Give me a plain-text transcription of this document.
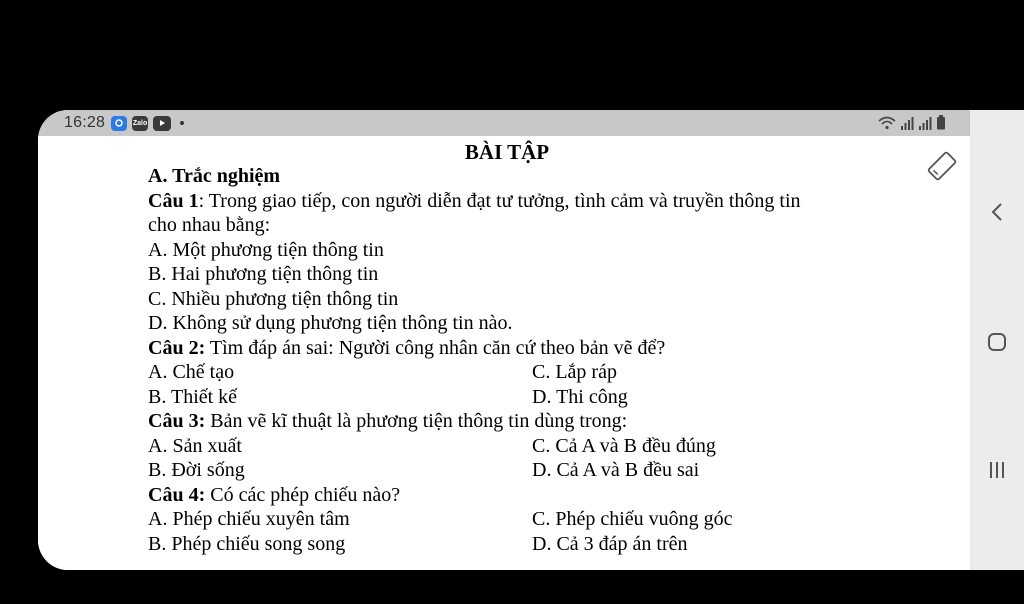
16:28	Zalo
BÀI TẬP
A. Trắc nghiệm
Câu 1: Trong giao tiếp, con người diễn đạt tư tưởng, tình cảm và truyền thông tin
cho nhau bằng:
A. Một phương tiện thông tin
B. Hai phương tiện thông tin
C. Nhiều phương tiện thông tin
D. Không sử dụng phương tiện thông tin nào.
Câu 2: Tìm đáp án sai: Người công nhân căn cứ theo bản vẽ để?
A. Chế tạo	C. Lắp ráp
B. Thiết kế	D. Thi công
Câu 3: Bản vẽ kĩ thuật là phương tiện thông tin dùng trong:
A. Sản xuất	C. Cả A và B đều đúng
B. Đời sống	D. Cả A và B đều sai
Câu 4: Có các phép chiếu nào?
A. Phép chiếu xuyên tâm	C. Phép chiếu vuông góc
B. Phép chiếu song song	D. Cả 3 đáp án trên
